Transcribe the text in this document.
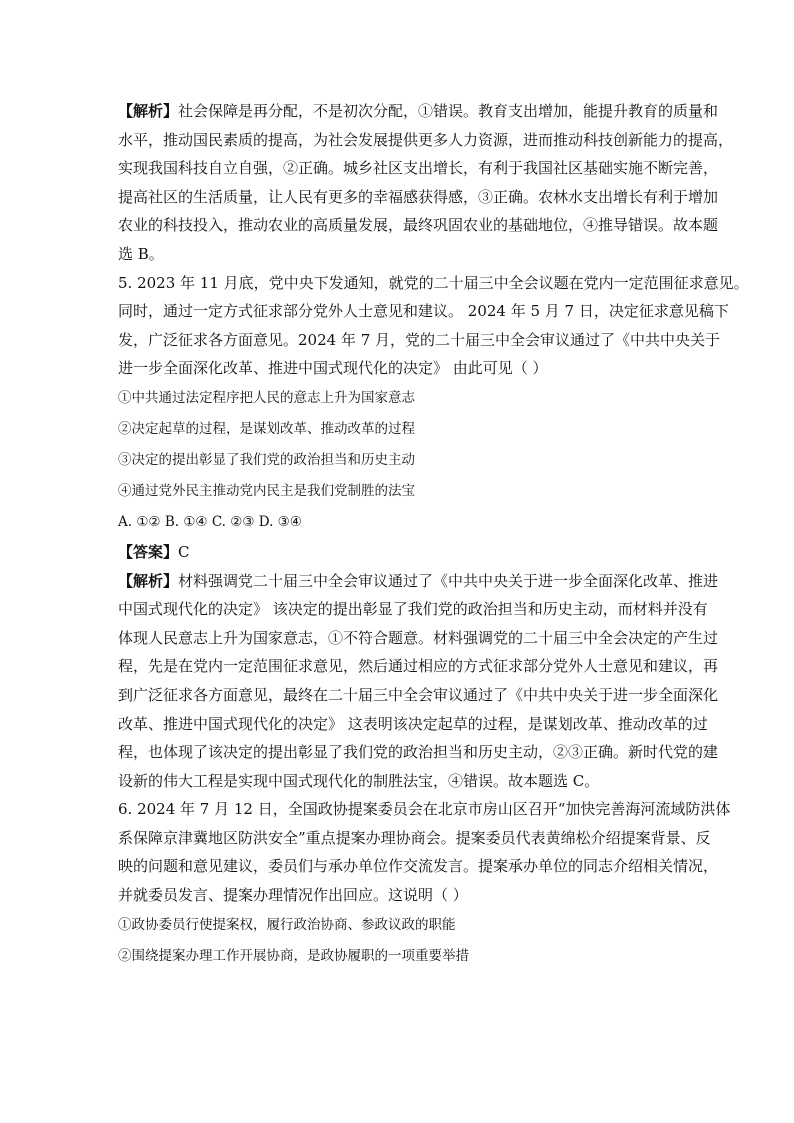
【解析】社会保障是再分配，不是初次分配，①错误。教育支出增加，能提升教育的质量和
水平，推动国民素质的提高，为社会发展提供更多人力资源，进而推动科技创新能力的提高，
实现我国科技自立自强，②正确。城乡社区支出增长，有利于我国社区基础实施不断完善，
提高社区的生活质量，让人民有更多的幸福感获得感，③正确。农林水支出增长有利于增加
农业的科技投入，推动农业的高质量发展，最终巩固农业的基础地位，④推导错误。故本题
选 B。
5. 2023 年 11 月底，党中央下发通知，就党的二十届三中全会议题在党内一定范围征求意见。
同时，通过一定方式征求部分党外人士意见和建议。 2024 年 5 月 7 日，决定征求意见稿下
发，广泛征求各方面意见。2024 年 7 月，党的二十届三中全会审议通过了《中共中央关于
进一步全面深化改革、推进中国式现代化的决定》 由此可见（ ）
①中共通过法定程序把人民的意志上升为国家意志
②决定起草的过程，是谋划改革、推动改革的过程
③决定的提出彰显了我们党的政治担当和历史主动
④通过党外民主推动党内民主是我们党制胜的法宝
A. ①② B. ①④ C. ②③ D. ③④
【答案】C
【解析】材料强调党二十届三中全会审议通过了《中共中央关于进一步全面深化改革、推进
中国式现代化的决定》 该决定的提出彰显了我们党的政治担当和历史主动，而材料并没有
体现人民意志上升为国家意志，①不符合题意。材料强调党的二十届三中全会决定的产生过
程，先是在党内一定范围征求意见，然后通过相应的方式征求部分党外人士意见和建议，再
到广泛征求各方面意见，最终在二十届三中全会审议通过了《中共中央关于进一步全面深化
改革、推进中国式现代化的决定》 这表明该决定起草的过程，是谋划改革、推动改革的过
程，也体现了该决定的提出彰显了我们党的政治担当和历史主动，②③正确。新时代党的建
设新的伟大工程是实现中国式现代化的制胜法宝，④错误。故本题选 C。
6. 2024 年 7 月 12 日，全国政协提案委员会在北京市房山区召开“加快完善海河流域防洪体
系保障京津冀地区防洪安全”重点提案办理协商会。提案委员代表黄绵松介绍提案背景、反
映的问题和意见建议，委员们与承办单位作交流发言。提案承办单位的同志介绍相关情况，
并就委员发言、提案办理情况作出回应。这说明（ ）
①政协委员行使提案权，履行政治协商、参政议政的职能
②围绕提案办理工作开展协商，是政协履职的一项重要举措
